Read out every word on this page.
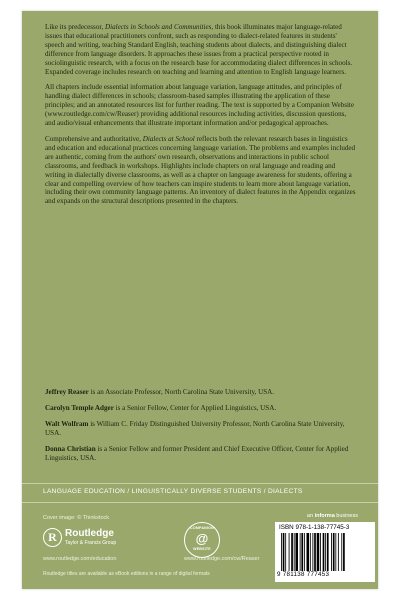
Like its predecessor, Dialects in Schools and Communities, this book illuminates major language-related issues that educational practitioners confront, such as responding to dialect-related features in students' speech and writing, teaching Standard English, teaching students about dialects, and distinguishing dialect difference from language disorders. It approaches these issues from a practical perspective rooted in sociolinguistic research, with a focus on the research base for accommodating dialect differences in schools. Expanded coverage includes research on teaching and learning and attention to English language learners.

All chapters include essential information about language variation, language attitudes, and principles of handling dialect differences in schools; classroom-based samples illustrating the application of these principles; and an annotated resources list for further reading. The text is supported by a Companion Website (www.routledge.com/cw/Reaser) providing additional resources including activities, discussion questions, and audio/visual enhancements that illustrate important information and/or pedagogical approaches.

Comprehensive and authoritative, Dialects at School reflects both the relevant research bases in linguistics and education and educational practices concerning language variation. The problems and examples included are authentic, coming from the authors' own research, observations and interactions in public school classrooms, and feedback in workshops. Highlights include chapters on oral language and reading and writing in dialectally diverse classrooms, as well as a chapter on language awareness for students, offering a clear and compelling overview of how teachers can inspire students to learn more about language variation, including their own community language patterns. An inventory of dialect features in the Appendix organizes and expands on the structural descriptions presented in the chapters.

Jeffrey Reaser is an Associate Professor, North Carolina State University, USA.

Carolyn Temple Adger is a Senior Fellow, Center for Applied Linguistics, USA.

Walt Wolfram is William C. Friday Distinguished University Professor, North Carolina State University, USA.

Donna Christian is a Senior Fellow and former President and Chief Executive Officer, Center for Applied Linguistics, USA.

LANGUAGE EDUCATION / LINGUISTICALLY DIVERSE STUDENTS / DIALECTS
Cover image: © Thinkstock	an informa business
R Routledge
Taylor & Francis Group
www.routledge.com/education
COMPANION
@
WEBSITE
www.routledge.com/cw/Reaser
ISBN 978-1-138-77745-3
9 781138 777453
Routledge titles are available as eBook editions in a range of digital formats
